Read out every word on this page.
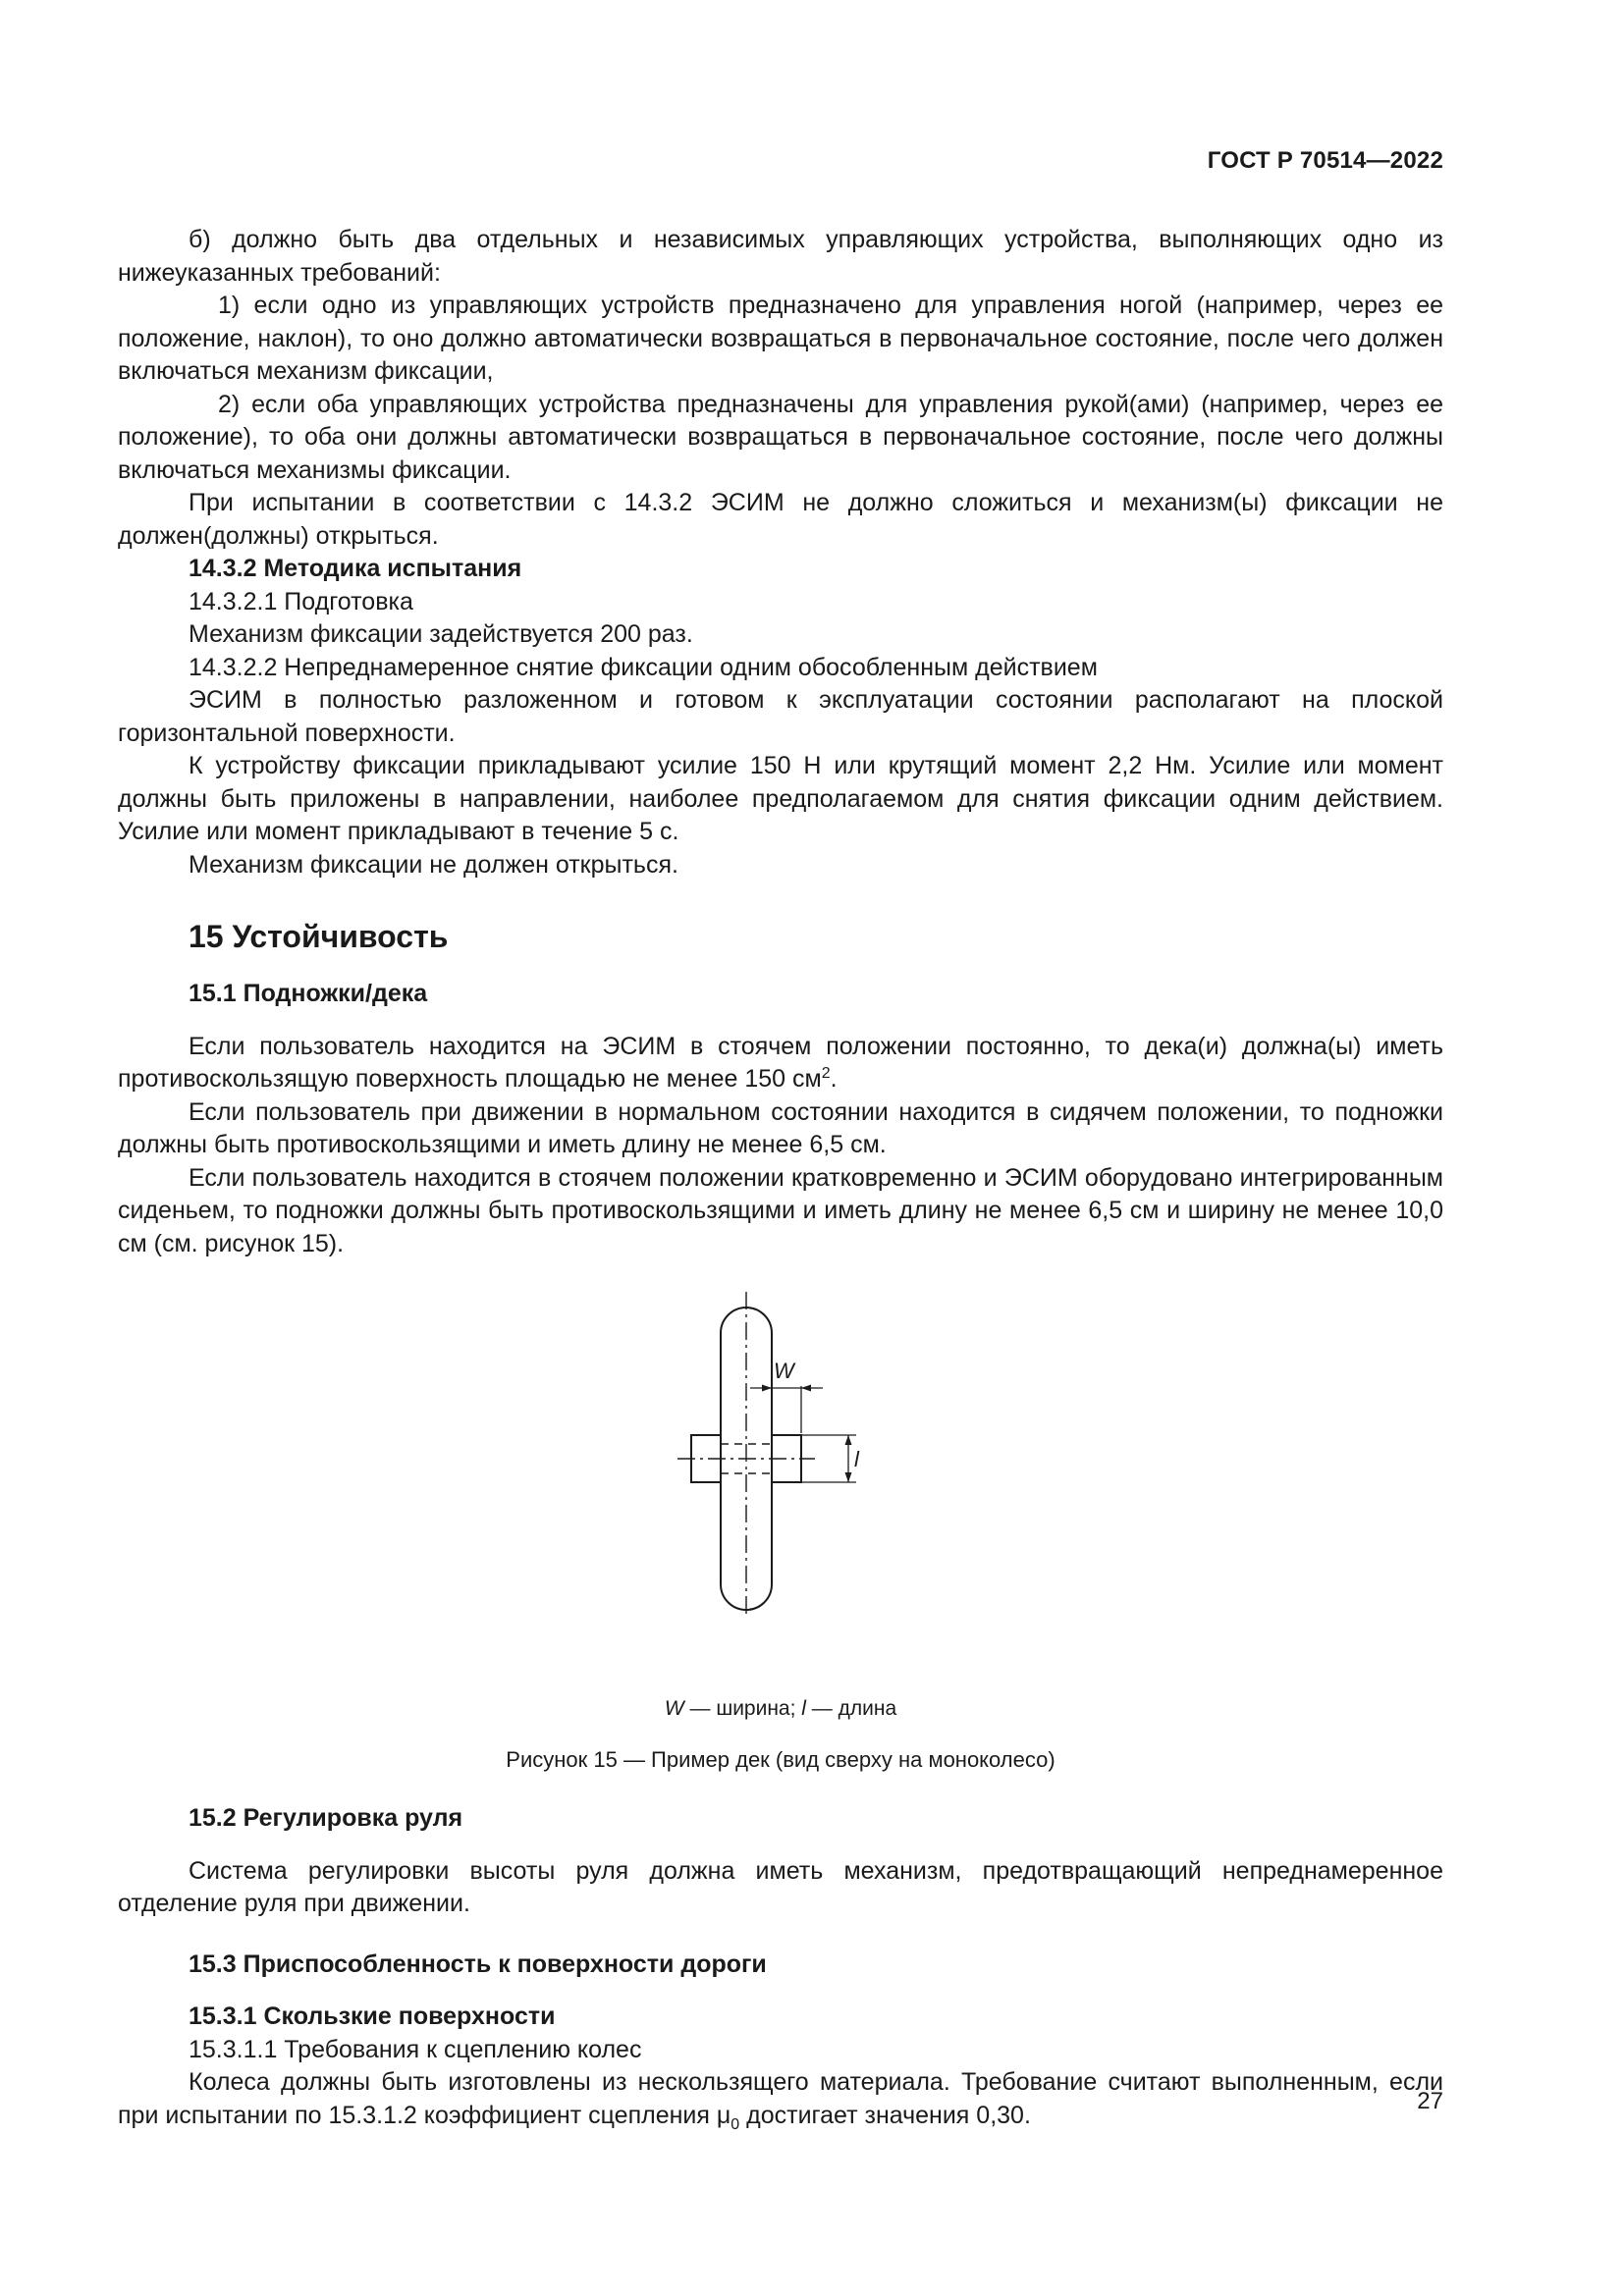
ГОСТ Р 70514—2022

б) должно быть два отдельных и независимых управляющих устройства, выполняющих одно из нижеуказанных требований:

1) если одно из управляющих устройств предназначено для управления ногой (например, через ее положение, наклон), то оно должно автоматически возвращаться в первоначальное состояние, после чего должен включаться механизм фиксации,

2) если оба управляющих устройства предназначены для управления рукой(ами) (например, через ее положение), то оба они должны автоматически возвращаться в первоначальное состояние, после чего должны включаться механизмы фиксации.

При испытании в соответствии с 14.3.2 ЭСИМ не должно сложиться и механизм(ы) фиксации не должен(должны) открыться.

14.3.2 Методика испытания

14.3.2.1 Подготовка

Механизм фиксации задействуется 200 раз.

14.3.2.2 Непреднамеренное снятие фиксации одним обособленным действием

ЭСИМ в полностью разложенном и готовом к эксплуатации состоянии располагают на плоской горизонтальной поверхности.

К устройству фиксации прикладывают усилие 150 Н или крутящий момент 2,2 Нм. Усилие или момент должны быть приложены в направлении, наиболее предполагаемом для снятия фиксации одним действием. Усилие или момент прикладывают в течение 5 с.

Механизм фиксации не должен открыться.

15 Устойчивость

15.1 Подножки/дека

Если пользователь находится на ЭСИМ в стоячем положении постоянно, то дека(и) должна(ы) иметь противоскользящую поверхность площадью не менее 150 $см^2$.

Если пользователь при движении в нормальном состоянии находится в сидячем положении, то подножки должны быть противоскользящими и иметь длину не менее 6,5 см.

Если пользователь находится в стоячем положении кратковременно и ЭСИМ оборудовано интегрированным сиденьем, то подножки должны быть противоскользящими и иметь длину не менее 6,5 см и ширину не менее 10,0 см (см. рисунок 15).

W
l

W — ширина; l — длина

Рисунок 15 — Пример дек (вид сверху на моноколесо)

15.2 Регулировка руля

Система регулировки высоты руля должна иметь механизм, предотвращающий непреднамеренное отделение руля при движении.

15.3 Приспособленность к поверхности дороги

15.3.1 Скользкие поверхности

15.3.1.1 Требования к сцеплению колес

Колеса должны быть изготовлены из нескользящего материала. Требование считают выполненным, если при испытании по 15.3.1.2 коэффициент сцепления $\mu_0$ достигает значения 0,30.	27
